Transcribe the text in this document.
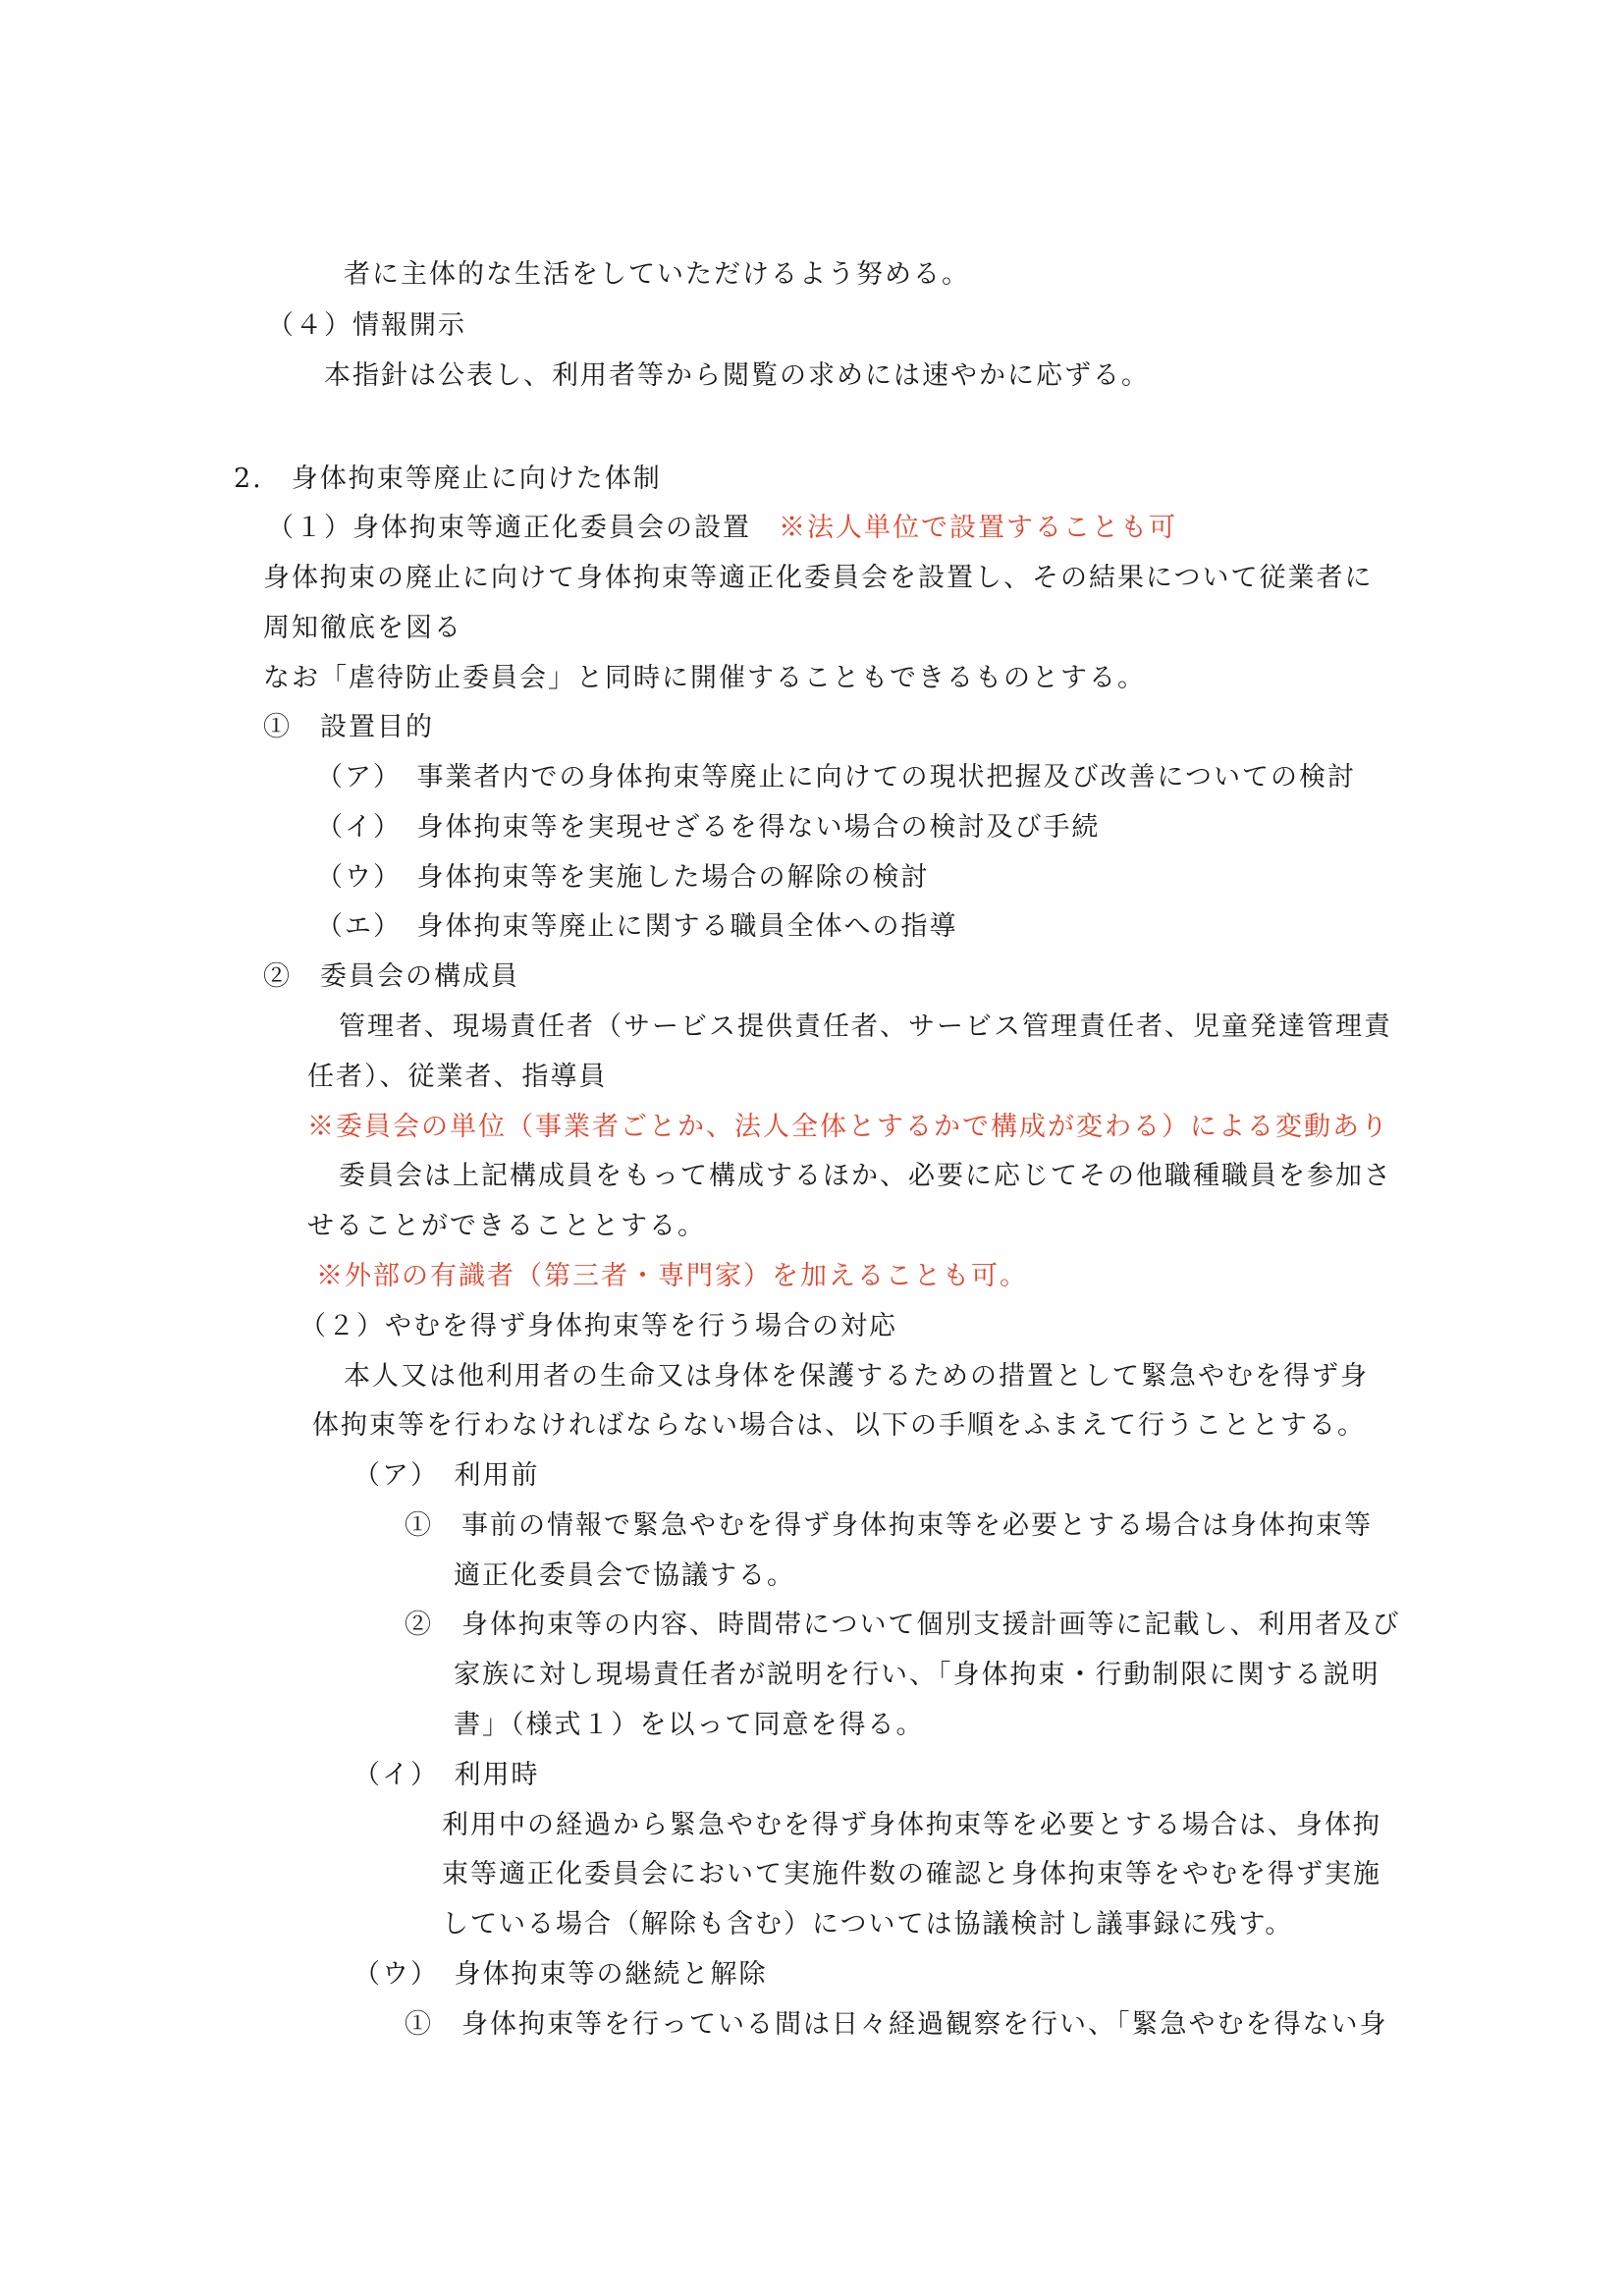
者に主体的な生活をしていただけるよう努める。
（４）情報開示
本指針は公表し、利用者等から閲覧の求めには速やかに応ずる。
2.　身体拘束等廃止に向けた体制
（１）身体拘束等適正化委員会の設置 ※法人単位で設置することも可
身体拘束の廃止に向けて身体拘束等適正化委員会を設置し、その結果について従業者に
周知徹底を図る
なお「虐待防止委員会」と同時に開催することもできるものとする。
①　設置目的
（ア）　事業者内での身体拘束等廃止に向けての現状把握及び改善についての検討
（イ）　身体拘束等を実現せざるを得ない場合の検討及び手続
（ウ）　身体拘束等を実施した場合の解除の検討
（エ）　身体拘束等廃止に関する職員全体への指導
②　委員会の構成員
管理者、現場責任者（サービス提供責任者、サービス管理責任者、児童発達管理責
任者）、従業者、指導員
※委員会の単位（事業者ごとか、法人全体とするかで構成が変わる）による変動あり
委員会は上記構成員をもって構成するほか、必要に応じてその他職種職員を参加さ
せることができることとする。
※外部の有識者（第三者・専門家）を加えることも可。
（２）やむを得ず身体拘束等を行う場合の対応
本人又は他利用者の生命又は身体を保護するための措置として緊急やむを得ず身
体拘束等を行わなければならない場合は、以下の手順をふまえて行うこととする。
（ア）　利用前
①　事前の情報で緊急やむを得ず身体拘束等を必要とする場合は身体拘束等
適正化委員会で協議する。
②　身体拘束等の内容、時間帯について個別支援計画等に記載し、利用者及び
家族に対し現場責任者が説明を行い、「身体拘束・行動制限に関する説明
書」（様式１）を以って同意を得る。
（イ）　利用時
利用中の経過から緊急やむを得ず身体拘束等を必要とする場合は、身体拘
束等適正化委員会において実施件数の確認と身体拘束等をやむを得ず実施
している場合（解除も含む）については協議検討し議事録に残す。
（ウ）　身体拘束等の継続と解除
①　身体拘束等を行っている間は日々経過観察を行い、「緊急やむを得ない身
